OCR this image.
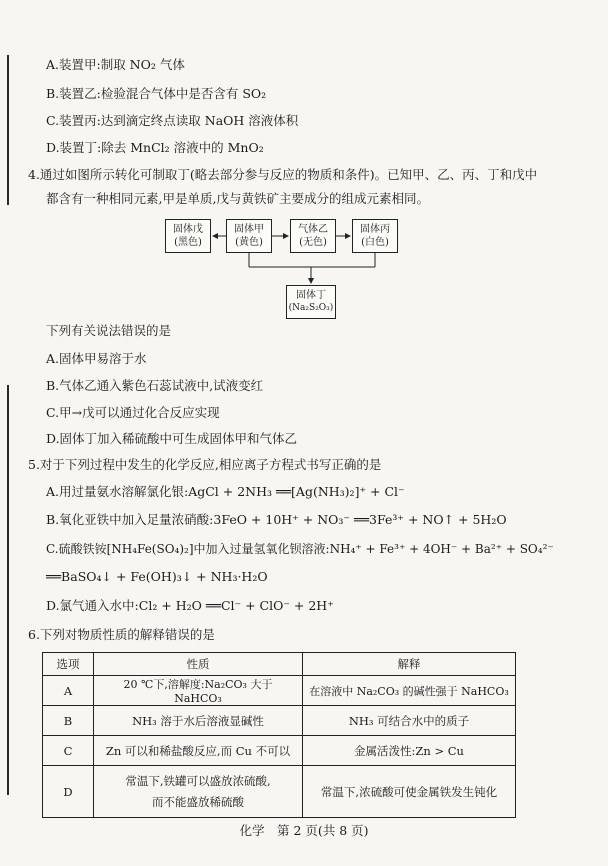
A.装置甲:制取 NO₂ 气体
B.装置乙:检验混合气体中是否含有 SO₂
C.装置丙:达到滴定终点读取 NaOH 溶液体积
D.装置丁:除去 MnCl₂ 溶液中的 MnO₂
4.通过如图所示转化可制取丁(略去部分参与反应的物质和条件)。已知甲、乙、丙、丁和戊中
都含有一种相同元素,甲是单质,戊与黄铁矿主要成分的组成元素相同。
固体戊
(黑色)
固体甲
(黄色)
气体乙
(无色)
固体丙
(白色)
固体丁
(Na₂S₂O₃)
下列有关说法错误的是
A.固体甲易溶于水
B.气体乙通入紫色石蕊试液中,试液变红
C.甲→戊可以通过化合反应实现
D.固体丁加入稀硫酸中可生成固体甲和气体乙
5.对于下列过程中发生的化学反应,相应离子方程式书写正确的是
A.用过量氨水溶解氯化银:AgCl + 2NH₃ ══[Ag(NH₃)₂]⁺ + Cl⁻
B.氧化亚铁中加入足量浓硝酸:3FeO + 10H⁺ + NO₃⁻ ══3Fe³⁺ + NO↑ + 5H₂O
C.硫酸铁铵[NH₄Fe(SO₄)₂]中加入过量氢氧化钡溶液:NH₄⁺ + Fe³⁺ + 4OH⁻ + Ba²⁺ + SO₄²⁻
══BaSO₄↓ + Fe(OH)₃↓ + NH₃·H₂O
D.氯气通入水中:Cl₂ + H₂O ══Cl⁻ + ClO⁻ + 2H⁺
6.下列对物质性质的解释错误的是
选项	性质	解释
A	20 ℃下,溶解度:Na₂CO₃ 大于 NaHCO₃	在溶液中 Na₂CO₃ 的碱性强于 NaHCO₃
B	NH₃ 溶于水后溶液显碱性	NH₃ 可结合水中的质子
C	Zn 可以和稀盐酸反应,而 Cu 不可以	金属活泼性:Zn > Cu
D	常温下,铁罐可以盛放浓硫酸,
而不能盛放稀硫酸	常温下,浓硫酸可使金属铁发生钝化
化学　第 2 页(共 8 页)
